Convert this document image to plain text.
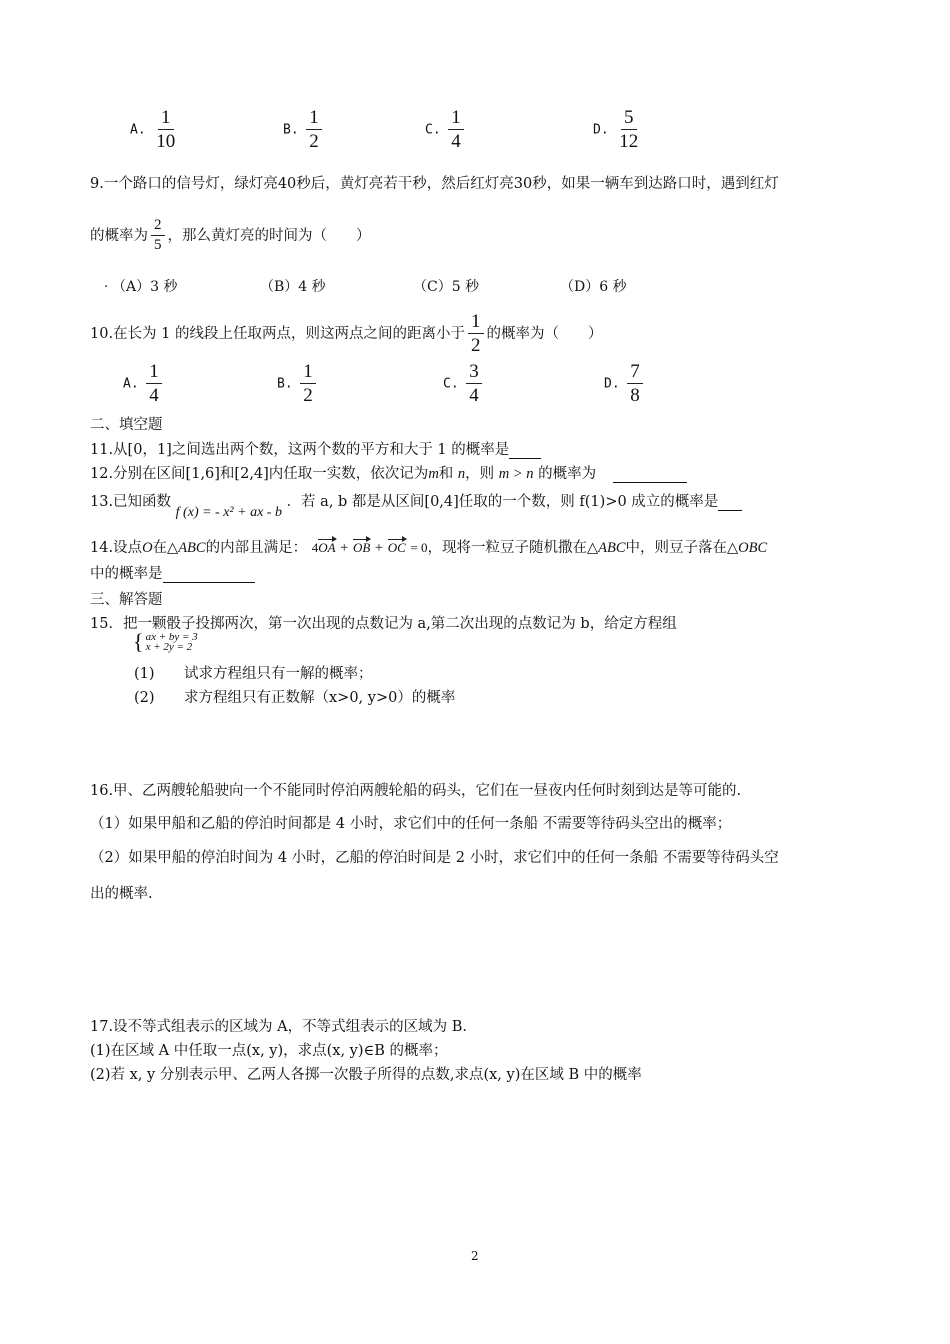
A. $\frac{1}{10}$	B. $\frac{1}{2}$	C. $\frac{1}{4}$	D. $\frac{5}{12}$
9.一个路口的信号灯，绿灯亮40秒后，黄灯亮若干秒，然后红灯亮30秒，如果一辆车到达路口时，遇到红灯
的概率为 $\frac{2}{5}$ ，那么黄灯亮的时间为（　　）
. （A）3 秒	（B）4 秒	（C）5 秒	（D）6 秒
10.在长为 1 的线段上任取两点，则这两点之间的距离小于 $\frac{1}{2}$ 的概率为（　　）
A. $\frac{1}{4}$	B. $\frac{1}{2}$	C. $\frac{3}{4}$	D. $\frac{7}{8}$
二、填空题
11.从[0，1]之间选出两个数，这两个数的平方和大于 1 的概率是
12.分别在区间[1,6]和[2,4]内任取一实数，依次记为m和 n，则 m > n 的概率为
13.已知函数 f (x) = - x² + ax - b ．若 a, b 都是从区间[0,4]任取的一个数，则 f(1)>0 成立的概率是
14.设点O在△ABC的内部且满足： 4OA + OB + OC = 0，现将一粒豆子随机撒在△ABC中，则豆子落在△OBC
中的概率是
三、解答题
15．把一颗骰子投掷两次，第一次出现的点数记为 a,第二次出现的点数记为 b，给定方程组
{ ax + by = 3
x + 2y = 2
(1) 试求方程组只有一解的概率；
(2) 求方程组只有正数解（x>0, y>0）的概率
16.甲、乙两艘轮船驶向一个不能同时停泊两艘轮船的码头，它们在一昼夜内任何时刻到达是等可能的.
（1）如果甲船和乙船的停泊时间都是 4 小时，求它们中的任何一条船 不需要等待码头空出的概率；
（2）如果甲船的停泊时间为 4 小时，乙船的停泊时间是 2 小时，求它们中的任何一条船 不需要等待码头空
出的概率.
17.设不等式组表示的区域为 A，不等式组表示的区域为 B.
(1)在区域 A 中任取一点(x, y)，求点(x, y)∈B 的概率；
(2)若 x, y 分别表示甲、乙两人各掷一次骰子所得的点数,求点(x, y)在区域 B 中的概率
2
